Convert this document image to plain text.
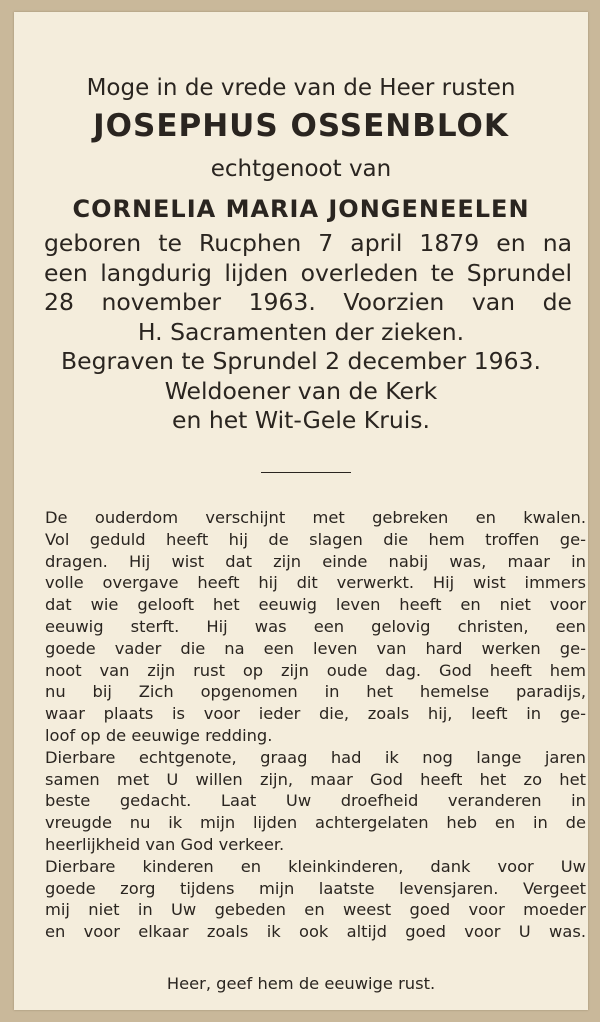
Moge in de vrede van de Heer rusten
JOSEPHUS OSSENBLOK
echtgenoot van
CORNELIA MARIA JONGENEELEN
geboren te Rucphen 7 april 1879 en na
een langdurig lijden overleden te Sprundel
28 november 1963. Voorzien van de
H. Sacramenten der zieken.
Begraven te Sprundel 2 december 1963.
Weldoener van de Kerk
en het Wit-Gele Kruis.
De ouderdom verschijnt met gebreken en kwalen.
Vol geduld heeft hij de slagen die hem troffen ge-
dragen. Hij wist dat zijn einde nabij was, maar in
volle overgave heeft hij dit verwerkt. Hij wist immers
dat wie gelooft het eeuwig leven heeft en niet voor
eeuwig sterft. Hij was een gelovig christen, een
goede vader die na een leven van hard werken ge-
noot van zijn rust op zijn oude dag. God heeft hem
nu bij Zich opgenomen in het hemelse paradijs,
waar plaats is voor ieder die, zoals hij, leeft in ge-
loof op de eeuwige redding.
Dierbare echtgenote, graag had ik nog lange jaren
samen met U willen zijn, maar God heeft het zo het
beste gedacht. Laat Uw droefheid veranderen in
vreugde nu ik mijn lijden achtergelaten heb en in de
heerlijkheid van God verkeer.
Dierbare kinderen en kleinkinderen, dank voor Uw
goede zorg tijdens mijn laatste levensjaren. Vergeet
mij niet in Uw gebeden en weest goed voor moeder
en voor elkaar zoals ik ook altijd goed voor U was.
Heer, geef hem de eeuwige rust.
